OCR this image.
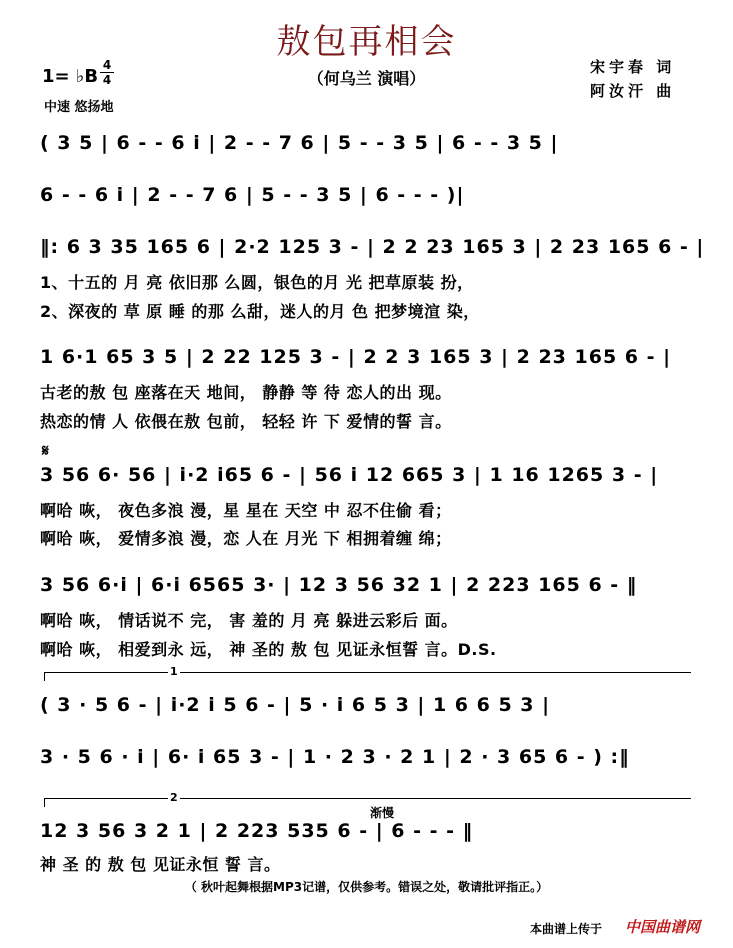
敖包再相会
1= ♭B
4
4	（何乌兰 演唱）
中速 悠扬地
宋宇春 词
阿汝汗 曲
( 3 5 | 6 - - 6 i | 2 - - 7 6 | 5 - - 3 5 | 6 - - 3 5 |
6 - - 6 i | 2 - - 7 6 | 5 - - 3 5 | 6 - - - )|
‖: 6 3 35 165 6 | 2·2 125 3 - | 2 2 23 165 3 | 2 23 165 6 - |
1、十五的 月 亮 依旧那 么圆，银色的月 光 把草原装 扮，
2、深夜的 草 原 睡 的那 么甜，迷人的月 色 把梦境渲 染，
1 6·1 65 3 5 | 2 22 125 3 - | 2 2 3 165 3 | 2 23 165 6 - |
古老的敖 包 座落在天 地间， 静静 等 待 恋人的出 现。
热恋的情 人 依偎在敖 包前， 轻轻 许 下 爱情的誓 言。
𝄋
3 56 6· 56 | i·2 i65 6 - | 56 i 12 665 3 | 1 16 1265 3 - |
啊哈 咴， 夜色多浪 漫，星 星在 天空 中 忍不住偷 看；
啊哈 咴， 爱情多浪 漫，恋 人在 月光 下 相拥着缠 绵；
3 56 6·i | 6·i 6565 3· | 12 3 56 32 1 | 2 223 165 6 - ‖
啊哈 咴， 情话说不 完， 害 羞的 月 亮 躲进云彩后 面。
啊哈 咴， 相爱到永 远， 神 圣的 敖 包 见证永恒誓 言。D.S.
1
( 3 · 5 6 - | i·2 i 5 6 - | 5 · i 6 5 3 | 1 6 6 5 3 |
3 · 5 6 · i | 6· i 65 3 - | 1 · 2 3 · 2 1 | 2 · 3 65 6 - ) :‖
2
渐慢
12 3 56 3 2 1 | 2 223 535 6 - | 6 - - - ‖
神 圣 的 敖 包 见证永恒 誓 言。
（ 秋叶起舞根据MP3记谱，仅供参考。错误之处，敬请批评指正。）
本曲谱上传于 中国曲谱网
